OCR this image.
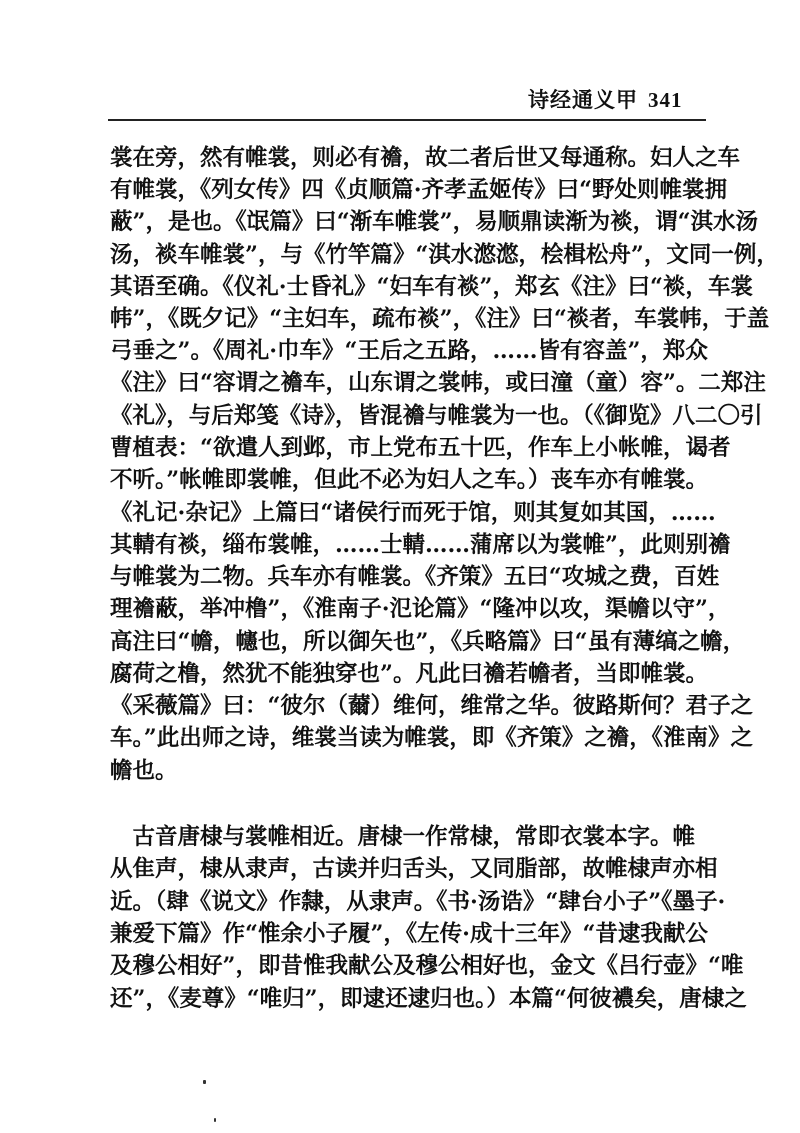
诗经通义甲 341
裳在旁，然有帷裳，则必有襜，故二者后世又每通称。妇人之车
有帷裳，《列女传》四《贞顺篇·齐孝孟姬传》曰“野处则帷裳拥
蔽”，是也。《氓篇》曰“渐车帷裳”，易顺鼎读渐为裧，谓“淇水汤
汤，裧车帷裳”，与《竹竿篇》“淇水滺滺，桧楫松舟”，文同一例，
其语至确。《仪礼·士昏礼》“妇车有裧”，郑玄《注》曰“裧，车裳
帏”，《既夕记》“主妇车，疏布裧”，《注》曰“裧者，车裳帏，于盖
弓垂之”。《周礼·巾车》“王后之五路，……皆有容盖”，郑众
《注》曰“容谓之襜车，山东谓之裳帏，或曰潼（童）容”。二郑注
《礼》，与后郑笺《诗》，皆混襜与帷裳为一也。（《御览》八二〇引
曹植表：“欲遣人到邺，市上党布五十匹，作车上小帐帷，谒者
不听。”帐帷即裳帷，但此不必为妇人之车。）丧车亦有帷裳。
《礼记·杂记》上篇曰“诸侯行而死于馆，则其复如其国，……
其輤有裧，缁布裳帷，……士輤……蒲席以为裳帷”，此则别襜
与帷裳为二物。兵车亦有帷裳。《齐策》五曰“攻城之费，百姓
理襜蔽，举冲橹”，《淮南子·氾论篇》“隆冲以攻，渠幨以守”，
高注曰“幨，幰也，所以御矢也”，《兵略篇》曰“虽有薄缟之幨，
腐荷之橹，然犹不能独穿也”。凡此曰襜若幨者，当即帷裳。
《采薇篇》曰：“彼尔（薾）维何，维常之华。彼路斯何？君子之
车。”此出师之诗，维裳当读为帷裳，即《齐策》之襜，《淮南》之
幨也。
　古音唐棣与裳帷相近。唐棣一作常棣，常即衣裳本字。帷
从隹声，棣从隶声，古读并归舌头，又同脂部，故帷棣声亦相
近。（肆《说文》作隸，从隶声。《书·汤诰》“肆台小子”《墨子·
兼爱下篇》作“惟余小子履”，《左传·成十三年》“昔逮我献公
及穆公相好”，即昔惟我献公及穆公相好也，金文《吕行壶》“唯
还”，《麦尊》“唯归”，即逮还逮归也。）本篇“何彼襛矣，唐棣之
